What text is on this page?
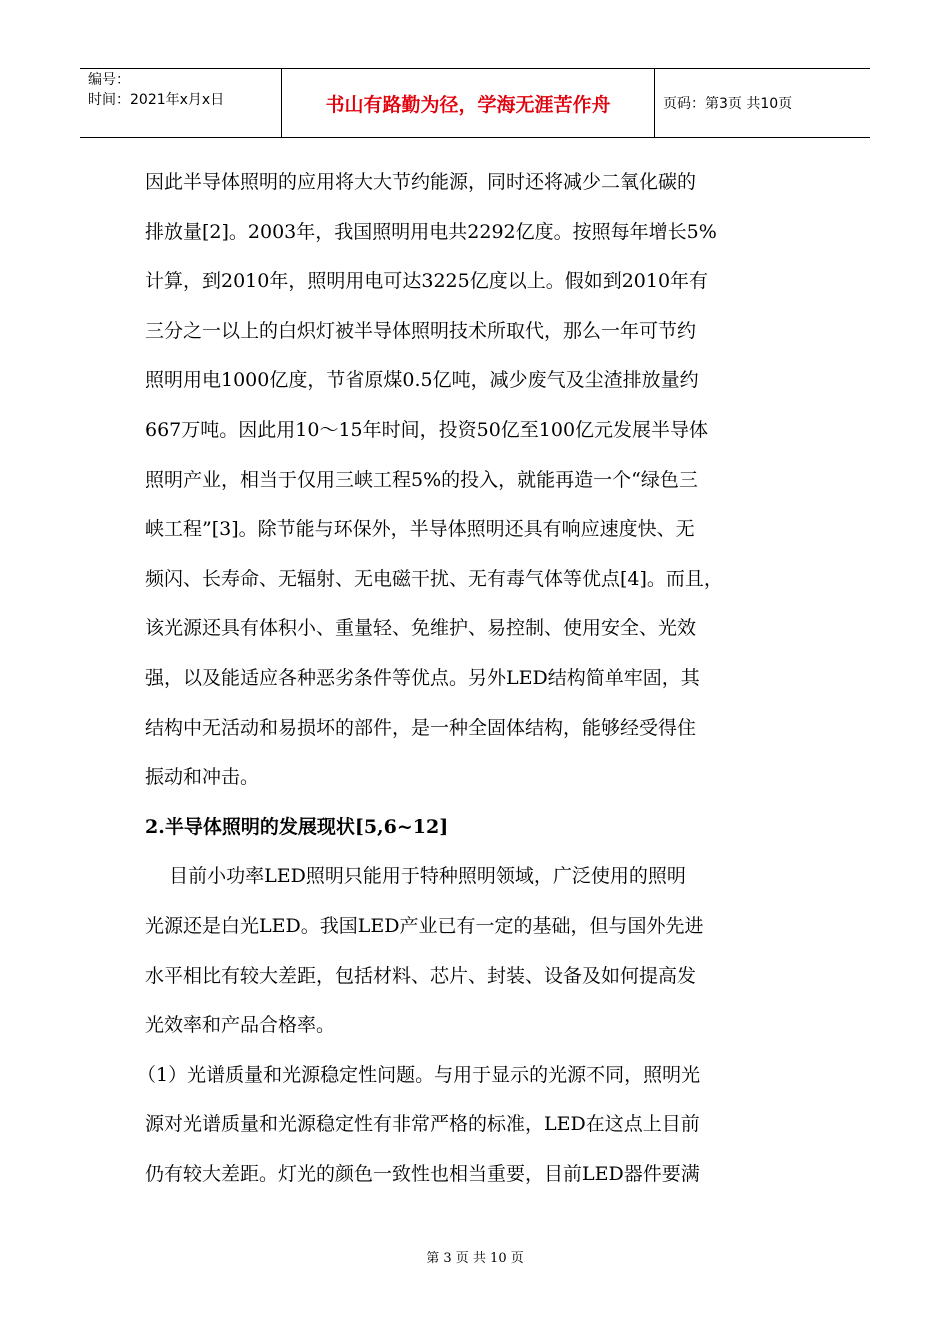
编号：
时间：2021年x月x日	书山有路勤为径，学海无涯苦作舟	页码：第3页 共10页
因此半导体照明的应用将大大节约能源，同时还将减少二氧化碳的
排放量[2]。2003年，我国照明用电共2292亿度。按照每年增长5%
计算，到2010年，照明用电可达3225亿度以上。假如到2010年有
三分之一以上的白炽灯被半导体照明技术所取代，那么一年可节约
照明用电1000亿度，节省原煤0.5亿吨，减少废气及尘渣排放量约
667万吨。因此用10～15年时间，投资50亿至100亿元发展半导体
照明产业，相当于仅用三峡工程5%的投入，就能再造一个“绿色三
峡工程”[3]。除节能与环保外，半导体照明还具有响应速度快、无
频闪、长寿命、无辐射、无电磁干扰、无有毒气体等优点[4]。而且，
该光源还具有体积小、重量轻、免维护、易控制、使用安全、光效
强，以及能适应各种恶劣条件等优点。另外LED结构简单牢固，其
结构中无活动和易损坏的部件，是一种全固体结构，能够经受得住
振动和冲击。
2.半导体照明的发展现状[5,6~12]
目前小功率LED照明只能用于特种照明领域，广泛使用的照明
光源还是白光LED。我国LED产业已有一定的基础，但与国外先进
水平相比有较大差距，包括材料、芯片、封装、设备及如何提高发
光效率和产品合格率。
（1）光谱质量和光源稳定性问题。与用于显示的光源不同，照明光
源对光谱质量和光源稳定性有非常严格的标准，LED在这点上目前
仍有较大差距。灯光的颜色一致性也相当重要，目前LED器件要满
第 3 页 共 10 页
